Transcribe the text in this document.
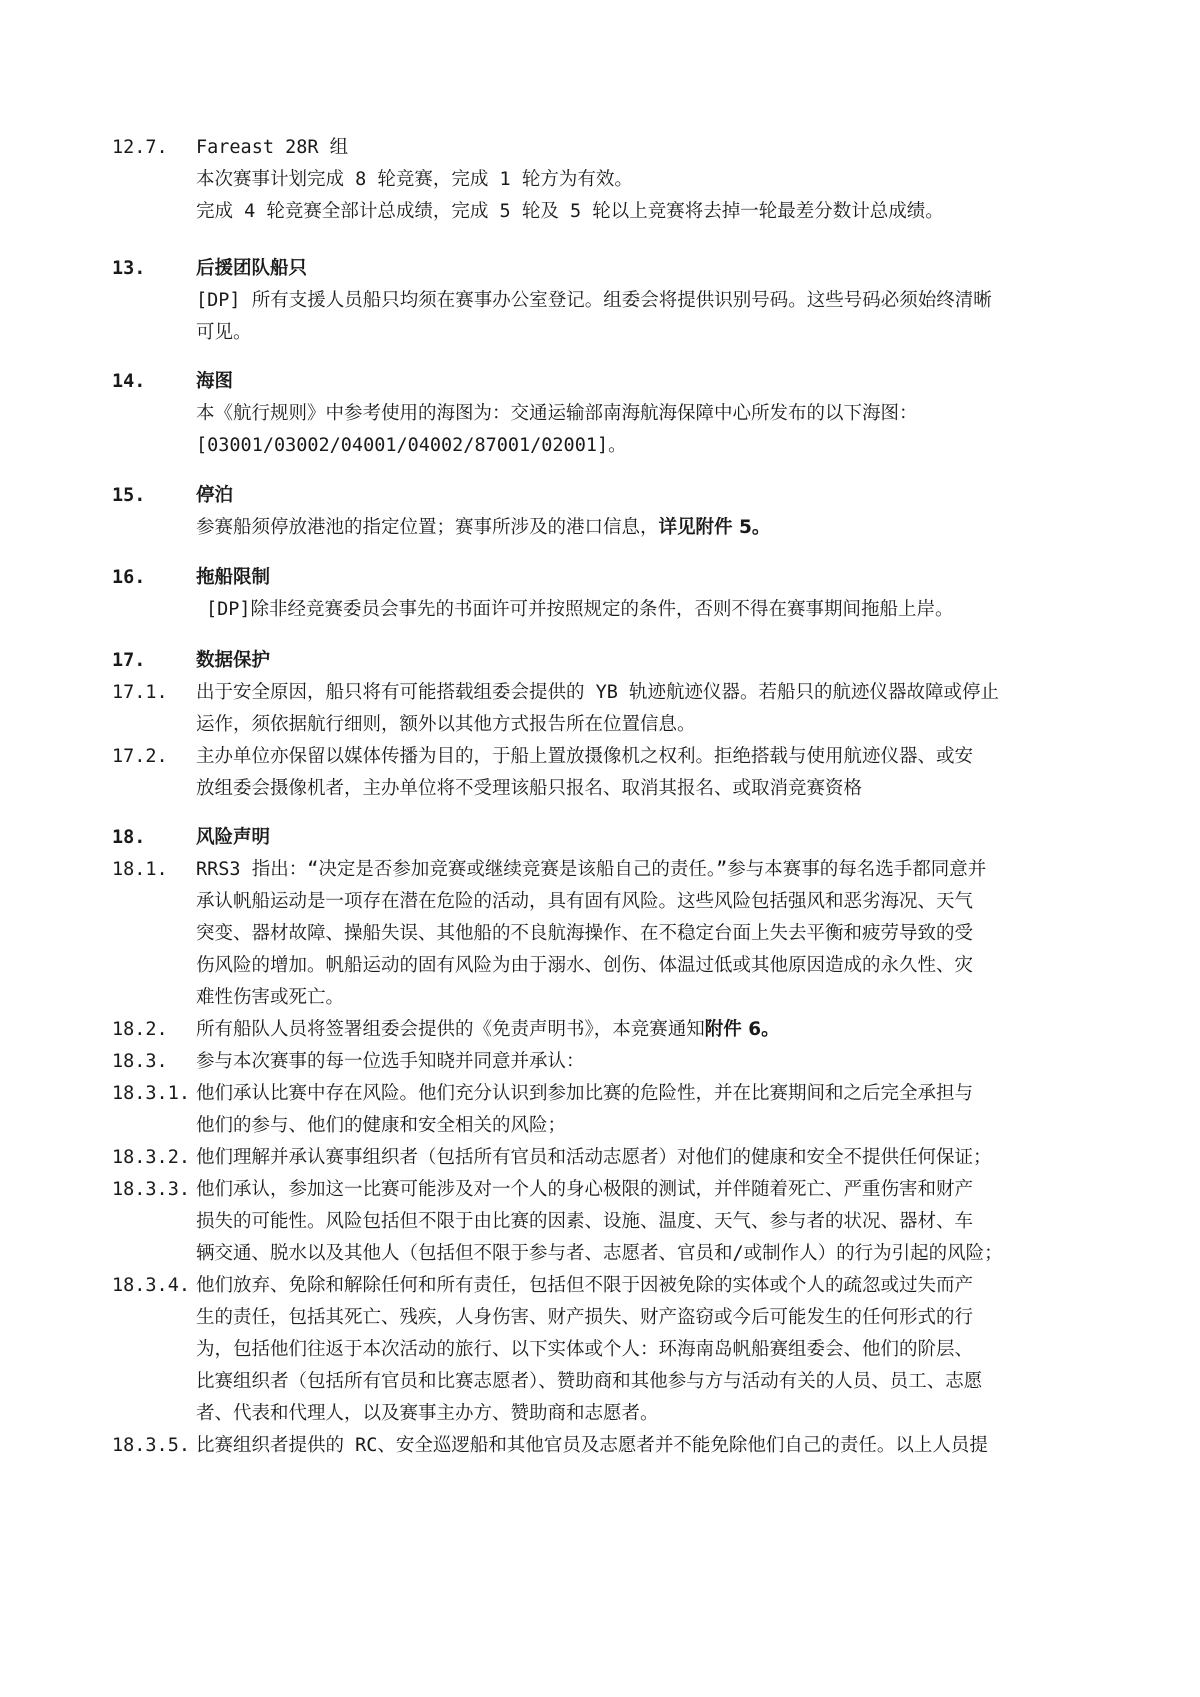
12.7. Fareast 28R 组
本次赛事计划完成 8 轮竞赛，完成 1 轮方为有效。
完成 4 轮竞赛全部计总成绩，完成 5 轮及 5 轮以上竞赛将去掉一轮最差分数计总成绩。
13.	后援团队船只
[DP] 所有支援人员船只均须在赛事办公室登记。组委会将提供识别号码。这些号码必须始终清晰
可见。
14.	海图
本《航行规则》中参考使用的海图为：交通运输部南海航海保障中心所发布的以下海图：
[03001/03002/04001/04002/87001/02001]。
15.	停泊
参赛船须停放港池的指定位置；赛事所涉及的港口信息，详见附件 5。
16.	拖船限制
[DP]除非经竞赛委员会事先的书面许可并按照规定的条件，否则不得在赛事期间拖船上岸。
17.	数据保护
17.1. 出于安全原因，船只将有可能搭载组委会提供的 YB 轨迹航迹仪器。若船只的航迹仪器故障或停止
运作，须依据航行细则，额外以其他方式报告所在位置信息。
17.2. 主办单位亦保留以媒体传播为目的，于船上置放摄像机之权利。拒绝搭载与使用航迹仪器、或安
放组委会摄像机者，主办单位将不受理该船只报名、取消其报名、或取消竞赛资格
18.	风险声明
18.1. RRS3 指出：“决定是否参加竞赛或继续竞赛是该船自己的责任。”参与本赛事的每名选手都同意并
承认帆船运动是一项存在潜在危险的活动，具有固有风险。这些风险包括强风和恶劣海况、天气
突变、器材故障、操船失误、其他船的不良航海操作、在不稳定台面上失去平衡和疲劳导致的受
伤风险的增加。帆船运动的固有风险为由于溺水、创伤、体温过低或其他原因造成的永久性、灾
难性伤害或死亡。
18.2. 所有船队人员将签署组委会提供的《免责声明书》，本竞赛通知附件 6。
18.3. 参与本次赛事的每一位选手知晓并同意并承认：
18.3.1. 他们承认比赛中存在风险。他们充分认识到参加比赛的危险性，并在比赛期间和之后完全承担与
他们的参与、他们的健康和安全相关的风险；
18.3.2. 他们理解并承认赛事组织者（包括所有官员和活动志愿者）对他们的健康和安全不提供任何保证；
18.3.3. 他们承认，参加这一比赛可能涉及对一个人的身心极限的测试，并伴随着死亡、严重伤害和财产
损失的可能性。风险包括但不限于由比赛的因素、设施、温度、天气、参与者的状况、器材、车
辆交通、脱水以及其他人（包括但不限于参与者、志愿者、官员和/或制作人）的行为引起的风险；
18.3.4. 他们放弃、免除和解除任何和所有责任，包括但不限于因被免除的实体或个人的疏忽或过失而产
生的责任，包括其死亡、残疾，人身伤害、财产损失、财产盗窃或今后可能发生的任何形式的行
为，包括他们往返于本次活动的旅行、以下实体或个人：环海南岛帆船赛组委会、他们的阶层、
比赛组织者（包括所有官员和比赛志愿者）、赞助商和其他参与方与活动有关的人员、员工、志愿
者、代表和代理人，以及赛事主办方、赞助商和志愿者。
18.3.5. 比赛组织者提供的 RC、安全巡逻船和其他官员及志愿者并不能免除他们自己的责任。以上人员提
